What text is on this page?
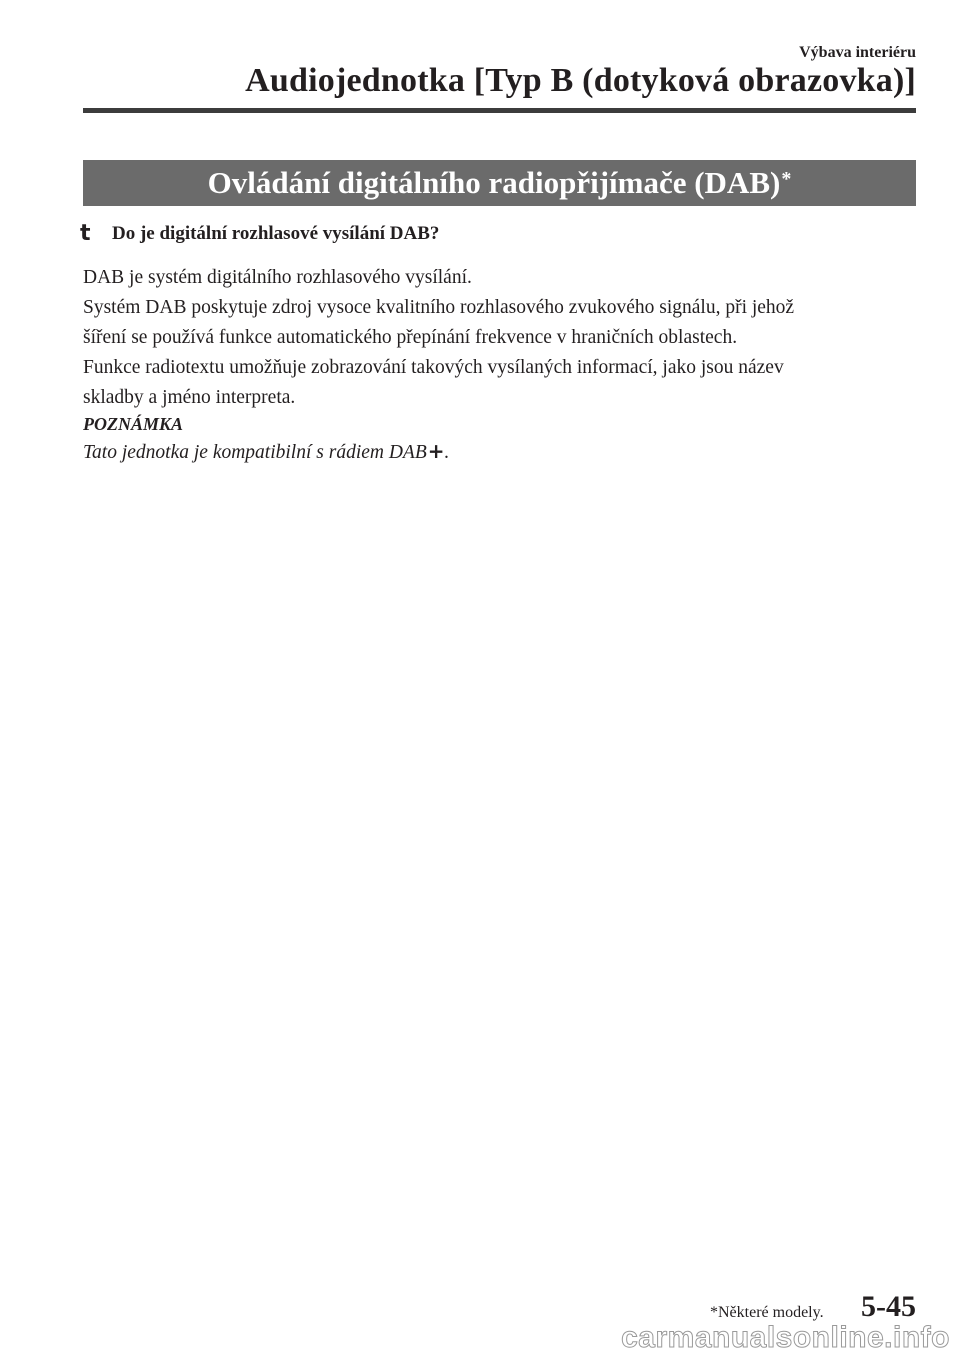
Výbava interiéru
Audiojednotka [Typ B (dotyková obrazovka)]
Ovládání digitálního radiopřijímače (DAB)*
t Do je digitální rozhlasové vysílání DAB?
DAB je systém digitálního rozhlasového vysílání.
Systém DAB poskytuje zdroj vysoce kvalitního rozhlasového zvukového signálu, při jehož
šíření se používá funkce automatického přepínání frekvence v hraničních oblastech.
Funkce radiotextu umožňuje zobrazování takových vysílaných informací, jako jsou název
skladby a jméno interpreta.
POZNÁMKA
Tato jednotka je kompatibilní s rádiem DAB+.
*Některé modely. 5-45
carmanualsonline.info
